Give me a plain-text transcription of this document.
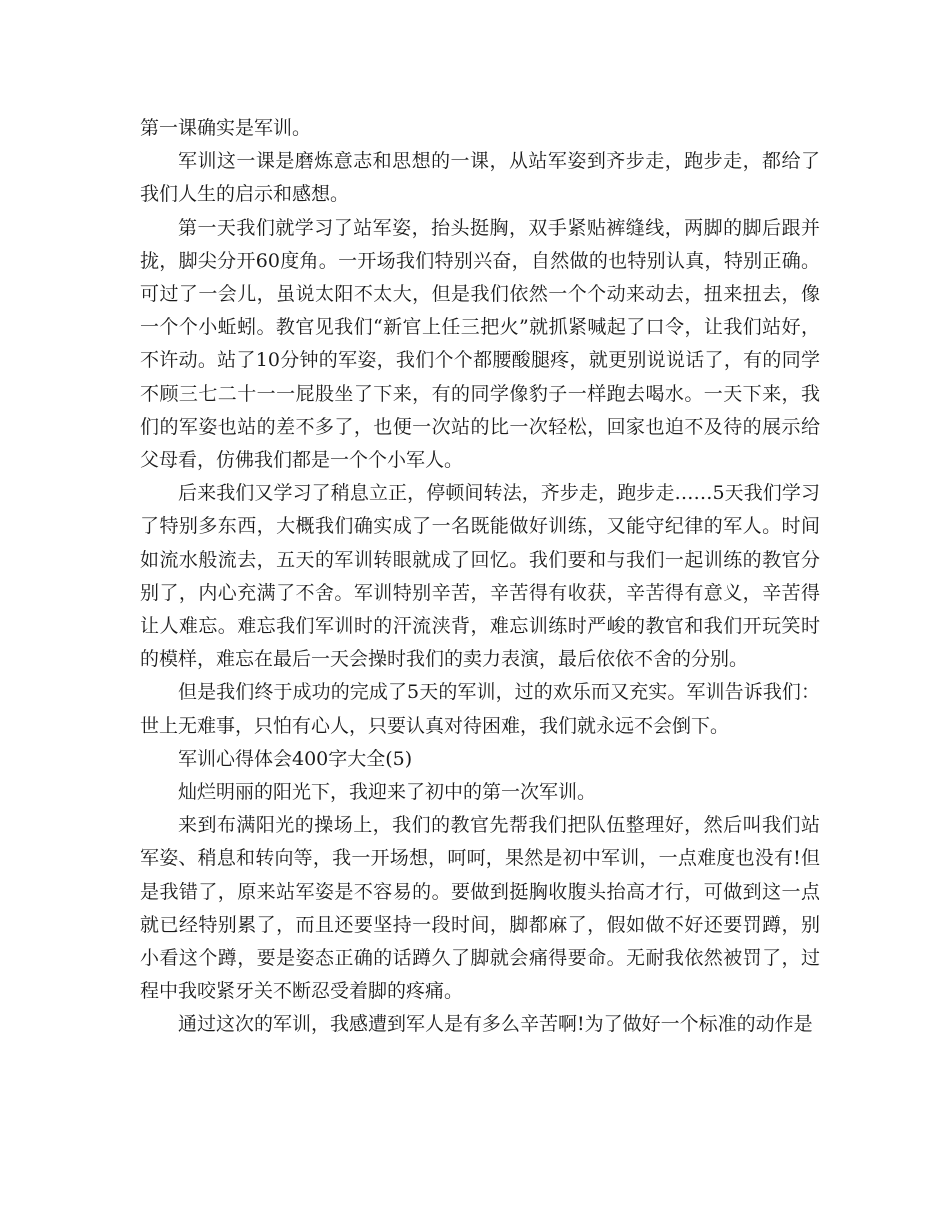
第一课确实是军训。

军训这一课是磨炼意志和思想的一课，从站军姿到齐步走，跑步走，都给了我们人生的启示和感想。

第一天我们就学习了站军姿，抬头挺胸，双手紧贴裤缝线，两脚的脚后跟并拢，脚尖分开60度角。一开场我们特别兴奋，自然做的也特别认真，特别正确。可过了一会儿，虽说太阳不太大，但是我们依然一个个动来动去，扭来扭去，像一个个小蚯蚓。教官见我们“新官上任三把火”就抓紧喊起了口令，让我们站好，不许动。站了10分钟的军姿，我们个个都腰酸腿疼，就更别说说话了，有的同学不顾三七二十一一屁股坐了下来，有的同学像豹子一样跑去喝水。一天下来，我们的军姿也站的差不多了，也便一次站的比一次轻松，回家也迫不及待的展示给父母看，仿佛我们都是一个个小军人。

后来我们又学习了稍息立正，停顿间转法，齐步走，跑步走……5天我们学习了特别多东西，大概我们确实成了一名既能做好训练，又能守纪律的军人。时间如流水般流去，五天的军训转眼就成了回忆。我们要和与我们一起训练的教官分别了，内心充满了不舍。军训特别辛苦，辛苦得有收获，辛苦得有意义，辛苦得让人难忘。难忘我们军训时的汗流浃背，难忘训练时严峻的教官和我们开玩笑时的模样，难忘在最后一天会操时我们的卖力表演，最后依依不舍的分别。

但是我们终于成功的完成了5天的军训，过的欢乐而又充实。军训告诉我们：世上无难事，只怕有心人，只要认真对待困难，我们就永远不会倒下。

军训心得体会400字大全(5)

灿烂明丽的阳光下，我迎来了初中的第一次军训。

来到布满阳光的操场上，我们的教官先帮我们把队伍整理好，然后叫我们站军姿、稍息和转向等，我一开场想，呵呵，果然是初中军训，一点难度也没有!但是我错了，原来站军姿是不容易的。要做到挺胸收腹头抬高才行，可做到这一点就已经特别累了，而且还要坚持一段时间，脚都麻了，假如做不好还要罚蹲，别小看这个蹲，要是姿态正确的话蹲久了脚就会痛得要命。无耐我依然被罚了，过程中我咬紧牙关不断忍受着脚的疼痛。

通过这次的军训，我感遭到军人是有多么辛苦啊!为了做好一个标准的动作是
